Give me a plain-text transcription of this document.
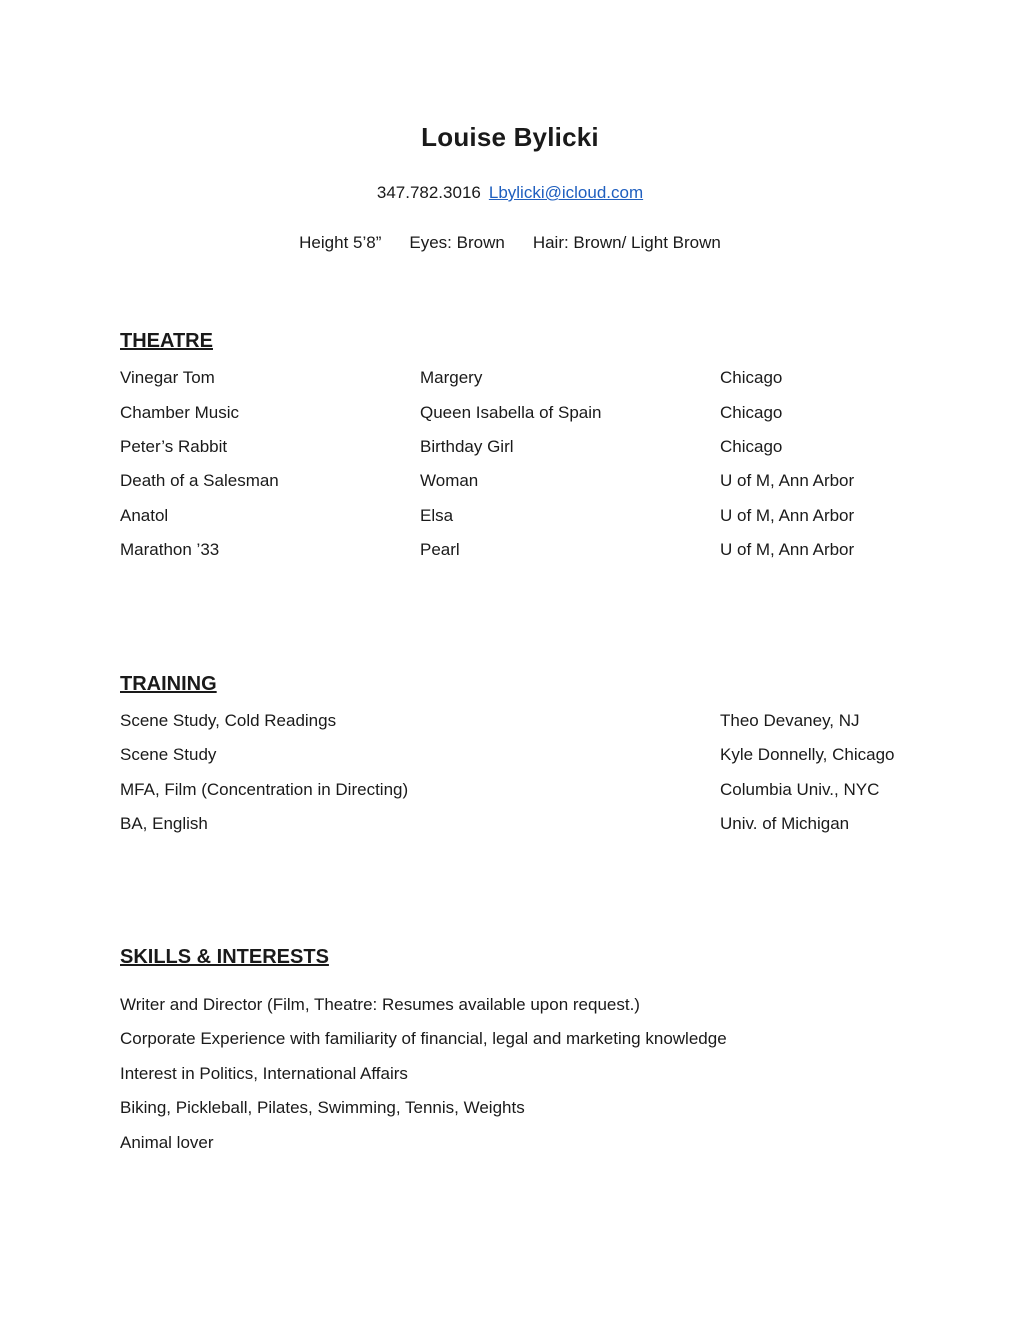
Louise Bylicki
347.782.3016 Lbylicki@icloud.com
Height 5’8” Eyes: Brown Hair: Brown/ Light Brown
THEATRE
Vinegar Tom	Margery	Chicago
Chamber Music	Queen Isabella of Spain	Chicago
Peter’s Rabbit	Birthday Girl	Chicago
Death of a Salesman	Woman	U of M, Ann Arbor
Anatol	Elsa	U of M, Ann Arbor
Marathon ’33	Pearl	U of M, Ann Arbor
TRAINING
Scene Study, Cold Readings	Theo Devaney, NJ
Scene Study	Kyle Donnelly, Chicago
MFA, Film (Concentration in Directing)	Columbia Univ., NYC
BA, English	Univ. of Michigan
SKILLS & INTERESTS
Writer and Director (Film, Theatre: Resumes available upon request.)
Corporate Experience with familiarity of financial, legal and marketing knowledge
Interest in Politics, International Affairs
Biking, Pickleball, Pilates, Swimming, Tennis, Weights
Animal lover
